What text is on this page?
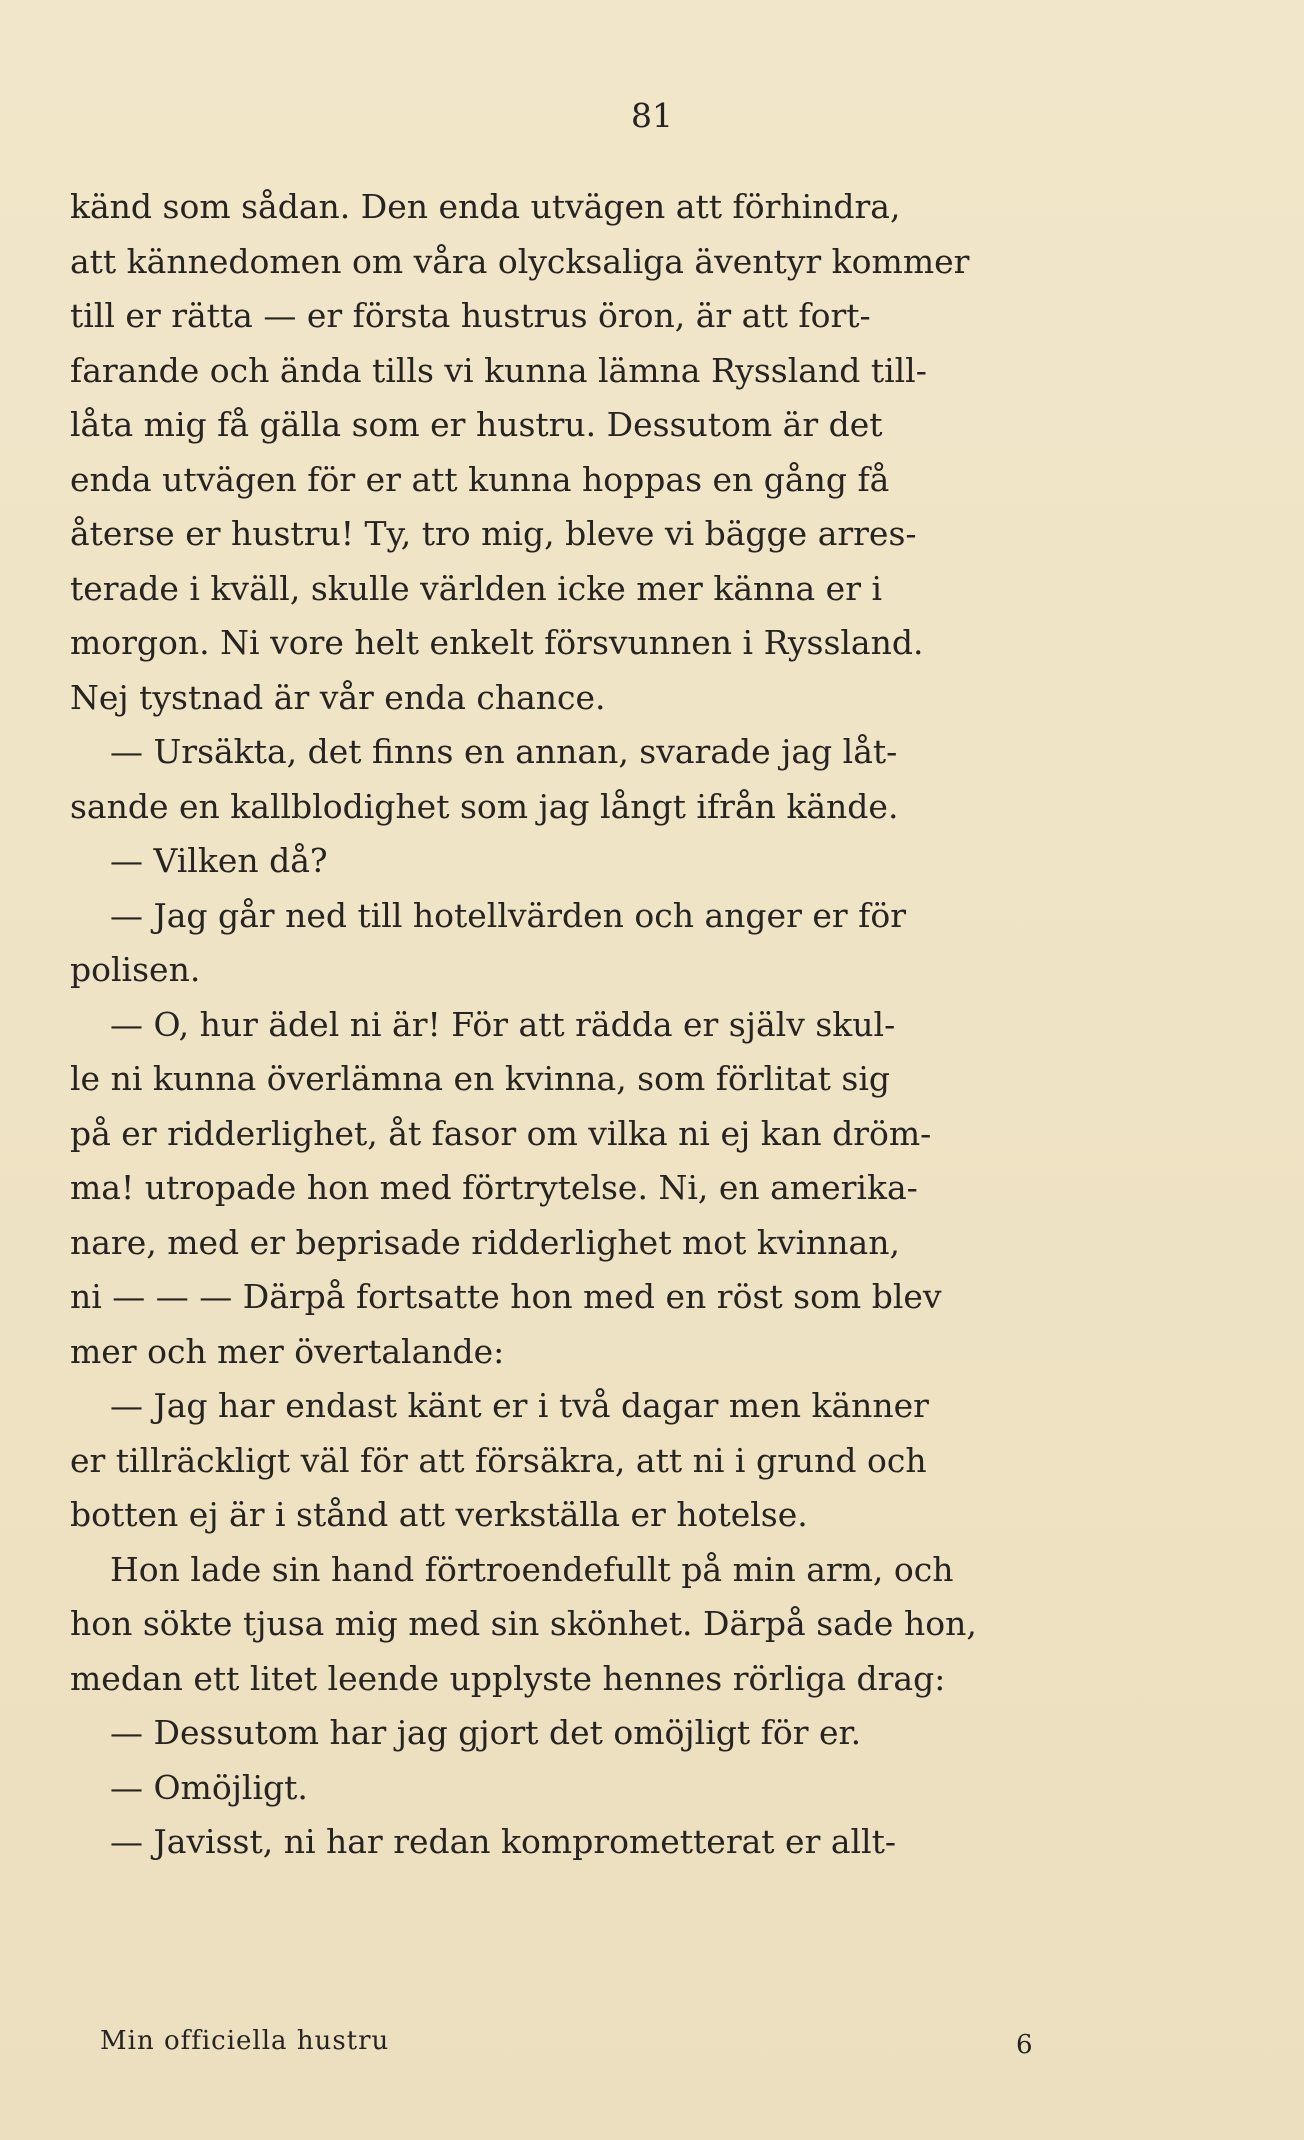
81
känd som sådan. Den enda utvägen att förhindra,
att kännedomen om våra olycksaliga äventyr kommer
till er rätta — er första hustrus öron, är att fort-
farande och ända tills vi kunna lämna Ryssland till-
låta mig få gälla som er hustru. Dessutom är det
enda utvägen för er att kunna hoppas en gång få
återse er hustru! Ty, tro mig, bleve vi bägge arres-
terade i kväll, skulle världen icke mer känna er i
morgon. Ni vore helt enkelt försvunnen i Ryssland.
Nej tystnad är vår enda chance.
— Ursäkta, det finns en annan, svarade jag låt-
sande en kallblodighet som jag långt ifrån kände.
— Vilken då?
— Jag går ned till hotellvärden och anger er för
polisen.
— O, hur ädel ni är! För att rädda er själv skul-
le ni kunna överlämna en kvinna, som förlitat sig
på er ridderlighet, åt fasor om vilka ni ej kan dröm-
ma! utropade hon med förtrytelse. Ni, en amerika-
nare, med er beprisade ridderlighet mot kvinnan,
ni — — — Därpå fortsatte hon med en röst som blev
mer och mer övertalande:
— Jag har endast känt er i två dagar men känner
er tillräckligt väl för att försäkra, att ni i grund och
botten ej är i stånd att verkställa er hotelse.
Hon lade sin hand förtroendefullt på min arm, och
hon sökte tjusa mig med sin skönhet. Därpå sade hon,
medan ett litet leende upplyste hennes rörliga drag:
— Dessutom har jag gjort det omöjligt för er.
— Omöjligt.
— Javisst, ni har redan komprometterat er allt-
Min officiella hustru	6
